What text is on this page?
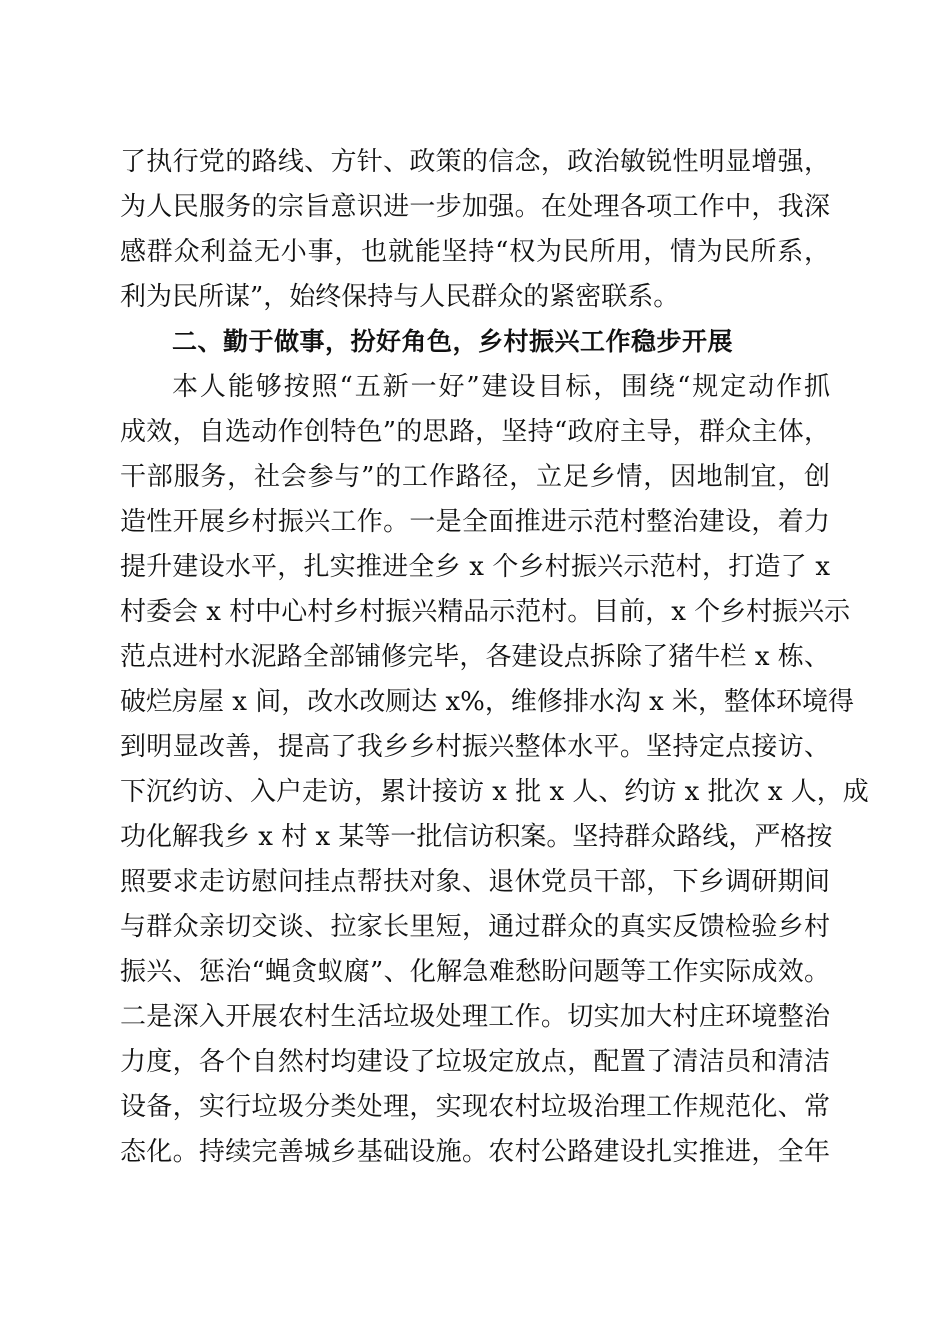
了执行党的路线、方针、政策的信念，政治敏锐性明显增强，
为人民服务的宗旨意识进一步加强。在处理各项工作中，我深
感群众利益无小事，也就能坚持“权为民所用，情为民所系，
利为民所谋”，始终保持与人民群众的紧密联系。
二、勤于做事，扮好角色，乡村振兴工作稳步开展
本人能够按照“五新一好”建设目标，围绕“规定动作抓
成效，自选动作创特色”的思路，坚持“政府主导，群众主体，
干部服务，社会参与”的工作路径，立足乡情，因地制宜，创
造性开展乡村振兴工作。一是全面推进示范村整治建设，着力
提升建设水平，扎实推进全乡 x 个乡村振兴示范村，打造了 x
村委会 x 村中心村乡村振兴精品示范村。目前，x 个乡村振兴示
范点进村水泥路全部铺修完毕，各建设点拆除了猪牛栏 x 栋、
破烂房屋 x 间，改水改厕达 x%，维修排水沟 x 米，整体环境得
到明显改善，提高了我乡乡村振兴整体水平。坚持定点接访、
下沉约访、入户走访，累计接访 x 批 x 人、约访 x 批次 x 人，成
功化解我乡 x 村 x 某等一批信访积案。坚持群众路线，严格按
照要求走访慰问挂点帮扶对象、退休党员干部，下乡调研期间
与群众亲切交谈、拉家长里短，通过群众的真实反馈检验乡村
振兴、惩治“蝇贪蚁腐”、化解急难愁盼问题等工作实际成效。
二是深入开展农村生活垃圾处理工作。切实加大村庄环境整治
力度，各个自然村均建设了垃圾定放点，配置了清洁员和清洁
设备，实行垃圾分类处理，实现农村垃圾治理工作规范化、常
态化。持续完善城乡基础设施。农村公路建设扎实推进，全年
